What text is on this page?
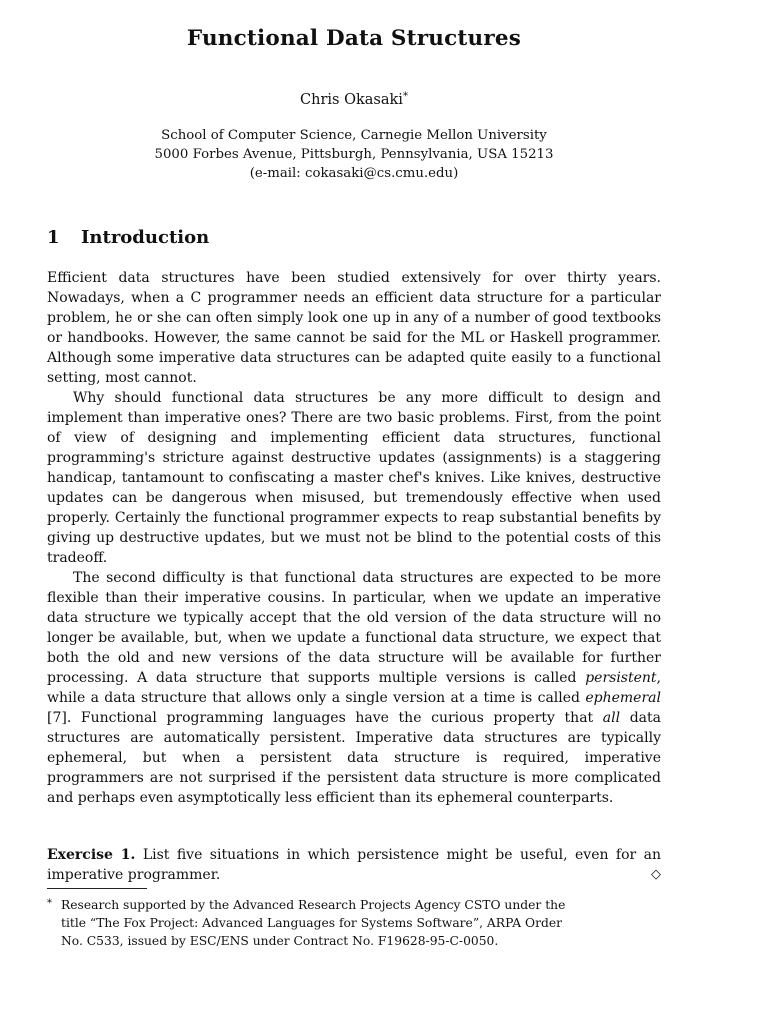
Functional Data Structures
Chris Okasaki*
School of Computer Science, Carnegie Mellon University
5000 Forbes Avenue, Pittsburgh, Pennsylvania, USA 15213
(e-mail: cokasaki@cs.cmu.edu)
1 Introduction

Efficient data structures have been studied extensively for over thirty years. Nowadays, when a C programmer needs an efficient data structure for a particular problem, he or she can often simply look one up in any of a number of good textbooks or handbooks. However, the same cannot be said for the ML or Haskell programmer. Although some imperative data structures can be adapted quite easily to a functional setting, most cannot.

Why should functional data structures be any more difficult to design and implement than imperative ones? There are two basic problems. First, from the point of view of designing and implementing efficient data structures, functional programming's stricture against destructive updates (assignments) is a staggering handicap, tantamount to confiscating a master chef's knives. Like knives, destructive updates can be dangerous when misused, but tremendously effective when used properly. Certainly the functional programmer expects to reap substantial benefits by giving up destructive updates, but we must not be blind to the potential costs of this tradeoff.

The second difficulty is that functional data structures are expected to be more flexible than their imperative cousins. In particular, when we update an imperative data structure we typically accept that the old version of the data structure will no longer be available, but, when we update a functional data structure, we expect that both the old and new versions of the data structure will be available for further processing. A data structure that supports multiple versions is called persistent, while a data structure that allows only a single version at a time is called ephemeral [7]. Functional programming languages have the curious property that all data structures are automatically persistent. Imperative data structures are typically ephemeral, but when a persistent data structure is required, imperative programmers are not surprised if the persistent data structure is more complicated and perhaps even asymptotically less efficient than its ephemeral counterparts.

Exercise 1. List five situations in which persistence might be useful, even for an imperative programmer.	◇
* Research supported by the Advanced Research Projects Agency CSTO under the
title “The Fox Project: Advanced Languages for Systems Software”, ARPA Order
No. C533, issued by ESC/ENS under Contract No. F19628-95-C-0050.
